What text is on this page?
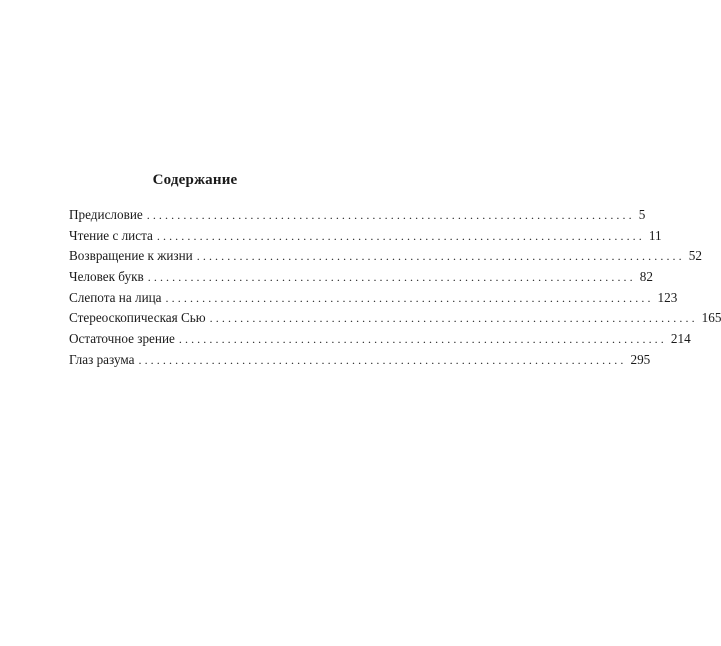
Содержание
Предисловие ................................................................................ 5
Чтение с листа ................................................................................ 11
Возвращение к жизни ................................................................................ 52
Человек букв ................................................................................ 82
Слепота на лица ................................................................................ 123
Стереоскопическая Сью ................................................................................ 165
Остаточное зрение ................................................................................ 214
Глаз разума ................................................................................ 295
